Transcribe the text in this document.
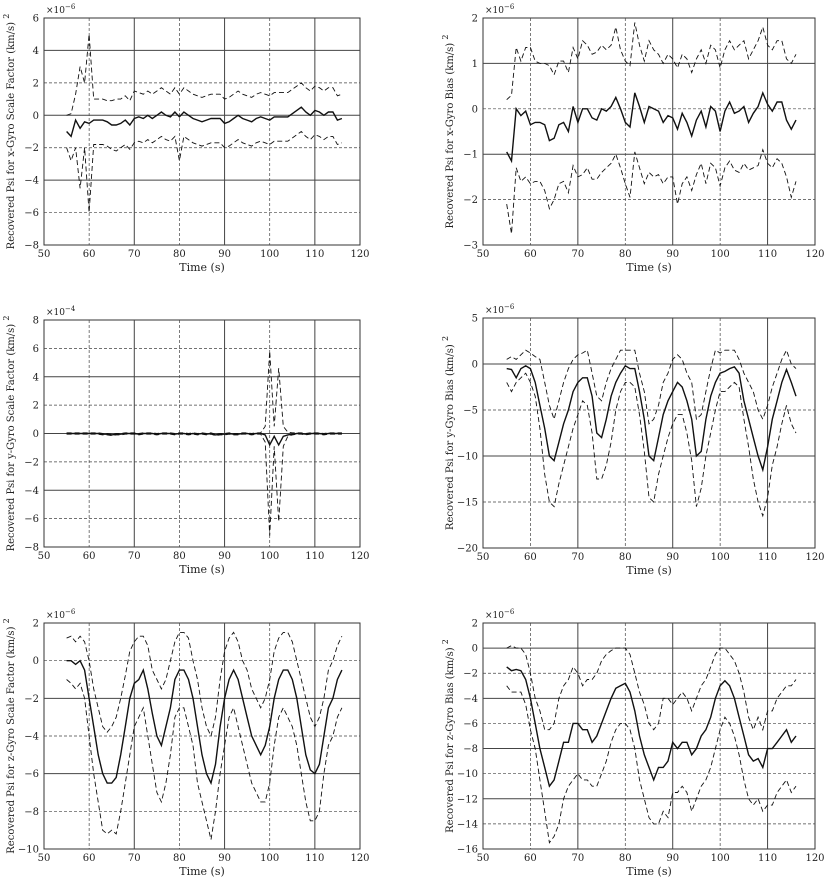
50	60	70	80	90	100	110	120
−8
−6
−4
−2
0
2
4
6
$\times 10^{-6}$
Time (s)
Recovered Psi for x-Gyro Scale Factor (km/s) $^2$
50	60	70	80	90	100	110	120
−3
−2
−1
0
1
2
$\times 10^{-6}$
Time (s)
Recovered Psi for x-Gyro Bias (km/s) $^2$
50	60	70	80	90	100	110	120
−8
−6
−4
−2
0
2
4
6
8
$\times 10^{-4}$
Time (s)
Recovered Psi for y-Gyro Scale Factor (km/s) $^2$
50	60	70	80	90	100	110	120
−20
−15
−10
−5
0
5
$\times 10^{-6}$
Time (s)
Recovered Psi for y-Gyro Bias (km/s) $^2$
50	60	70	80	90	100	110	120
−10
−8
−6
−4
−2
0
2
$\times 10^{-6}$
Time (s)
Recovered Psi for z-Gyro Scale Factor (km/s) $^2$
50	60	70	80	90	100	110	120
−16
−14
−12
−10
−8
−6
−4
−2
0
2
$\times 10^{-6}$
Time (s)
Recovered Psi for z-Gyro Bias (km/s) $^2$
